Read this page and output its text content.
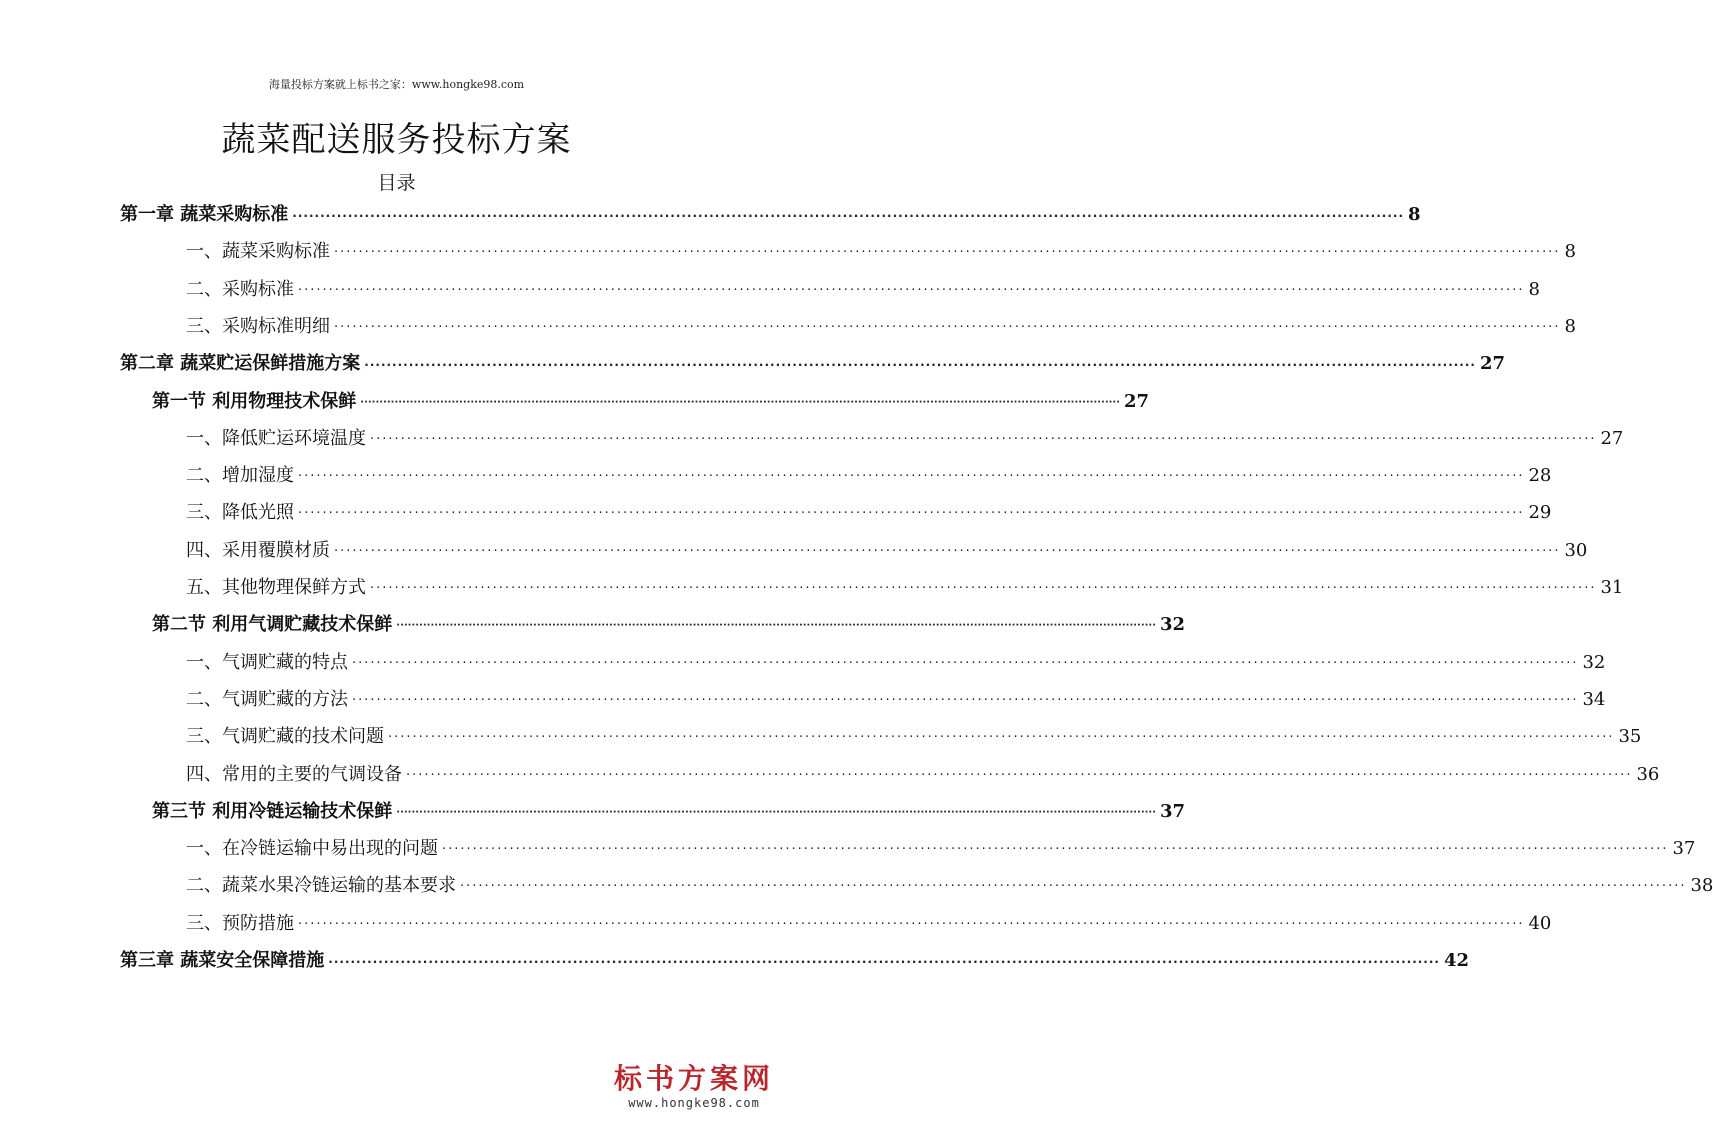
海量投标方案就上标书之家：www.hongke98.com
蔬菜配送服务投标方案
目录
第一章 蔬菜采购标准 ········································································································································································································ 8
一、蔬菜采购标准 ········································································································································································································ 8
二、采购标准 ········································································································································································································ 8
三、采购标准明细 ········································································································································································································ 8
第二章 蔬菜贮运保鲜措施方案 ········································································································································································································ 27
第一节 利用物理技术保鲜 ········································································································································································································ 27
一、降低贮运环境温度 ········································································································································································································ 27
二、增加湿度 ········································································································································································································ 28
三、降低光照 ········································································································································································································ 29
四、采用覆膜材质 ········································································································································································································ 30
五、其他物理保鲜方式 ········································································································································································································ 31
第二节 利用气调贮藏技术保鲜 ········································································································································································································ 32
一、气调贮藏的特点 ········································································································································································································ 32
二、气调贮藏的方法 ········································································································································································································ 34
三、气调贮藏的技术问题 ········································································································································································································ 35
四、常用的主要的气调设备 ········································································································································································································ 36
第三节 利用冷链运输技术保鲜 ········································································································································································································ 37
一、在冷链运输中易出现的问题 ········································································································································································································ 37
二、蔬菜水果冷链运输的基本要求 ········································································································································································································ 38
三、预防措施 ········································································································································································································ 40
第三章 蔬菜安全保障措施 ········································································································································································································ 42
标书方案网
www.hongke98.com
